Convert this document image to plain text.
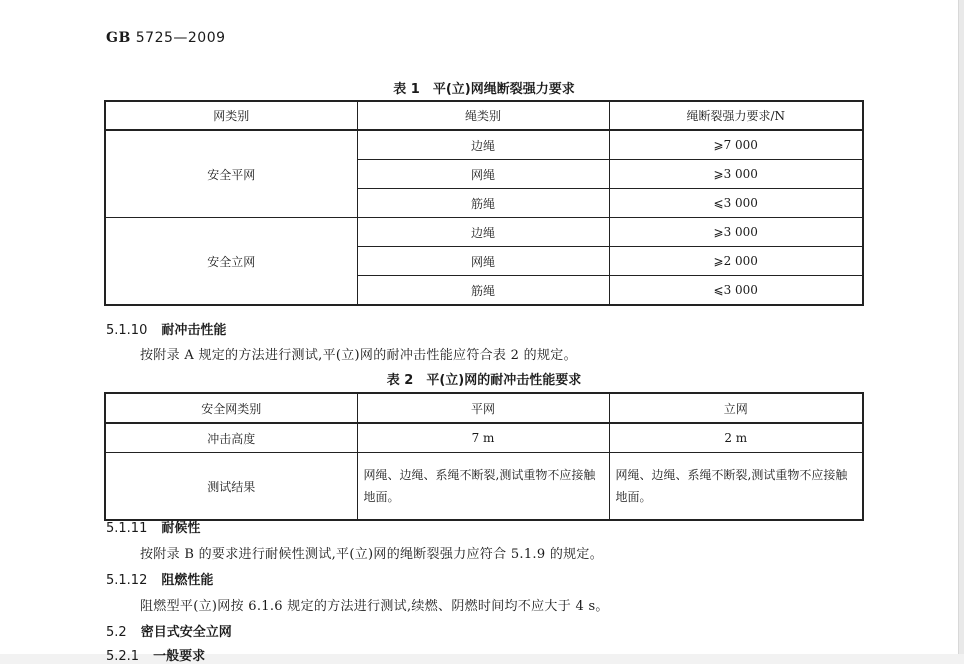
GB 5725—2009
表 1　平(立)网绳断裂强力要求
网类别	绳类别	绳断裂强力要求/N
安全平网	边绳	⩾7 000
	网绳	⩾3 000
	筋绳	⩽3 000
安全立网	边绳	⩾3 000
	网绳	⩾2 000
	筋绳	⩽3 000
5.1.10 耐冲击性能
按附录 A 规定的方法进行测试,平(立)网的耐冲击性能应符合表 2 的规定。
表 2　平(立)网的耐冲击性能要求
安全网类别	平网	立网
冲击高度	7 m	2 m
测试结果	网绳、边绳、系绳不断裂,测试重物不应接触地面。	网绳、边绳、系绳不断裂,测试重物不应接触地面。
5.1.11 耐候性
按附录 B 的要求进行耐候性测试,平(立)网的绳断裂强力应符合 5.1.9 的规定。
5.1.12 阻燃性能
阻燃型平(立)网按 6.1.6 规定的方法进行测试,续燃、阴燃时间均不应大于 4 s。
5.2 密目式安全立网
5.2.1 一般要求
